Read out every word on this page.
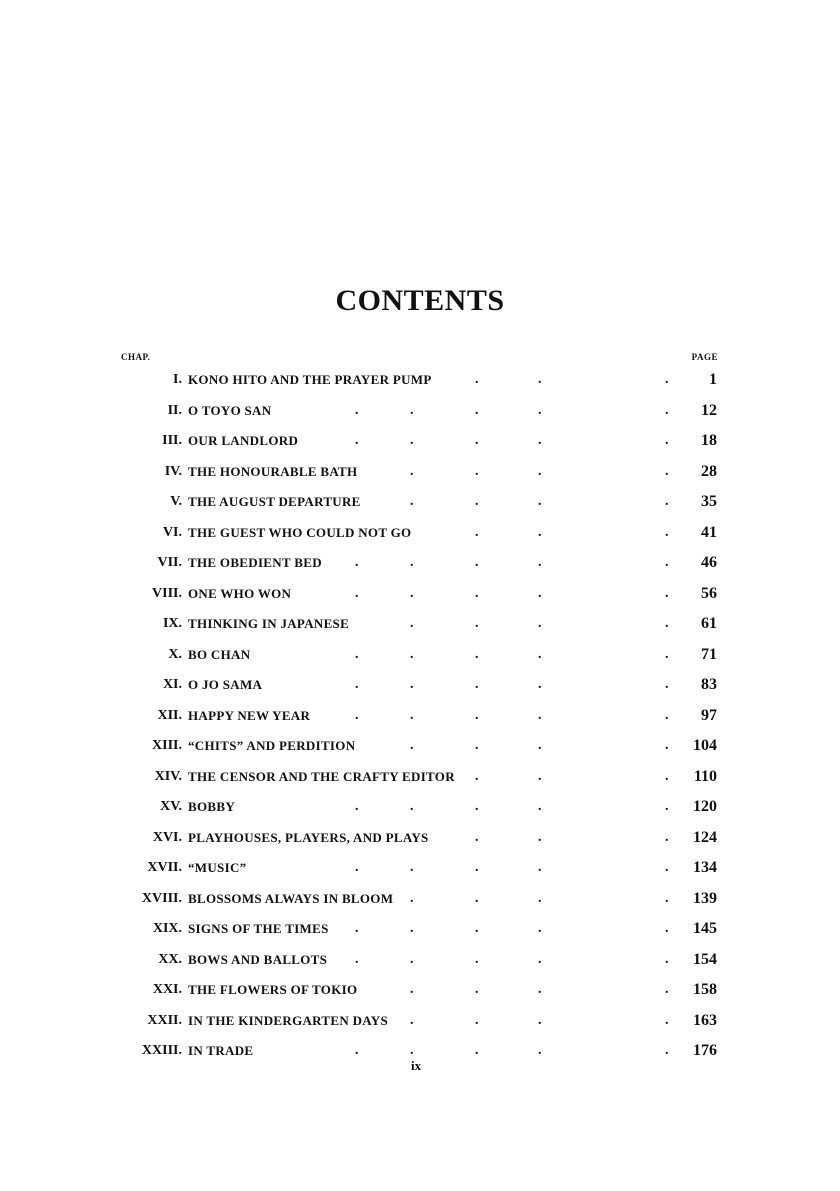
CONTENTS
CHAP.	PAGE
I. KONO HITO AND THE PRAYER PUMP	1
.	.	.
II. O TOYO SAN	12
.	.	.	.	.
III. OUR LANDLORD	18
.	.	.	.	.
IV. THE HONOURABLE BATH	28
.	.	.	.
V. THE AUGUST DEPARTURE	35
.	.	.	.
VI. THE GUEST WHO COULD NOT GO	41
.	.	.
VII. THE OBEDIENT BED	46
.	.	.	.	.
VIII. ONE WHO WON	56
.	.	.	.	.
IX. THINKING IN JAPANESE	61
.	.	.	.
X. BO CHAN	71
.	.	.	.	.
XI. O JO SAMA	83
.	.	.	.	.
XII. HAPPY NEW YEAR	97
.	.	.	.	.
XIII. “CHITS” AND PERDITION	104
.	.	.	.
XIV. THE CENSOR AND THE CRAFTY EDITOR	110
.	.	.
XV. BOBBY	120
.	.	.	.	.
XVI. PLAYHOUSES, PLAYERS, AND PLAYS	124
.	.	.
XVII. “MUSIC”	134
.	.	.	.	.
XVIII. BLOSSOMS ALWAYS IN BLOOM	139
.	.	.	.
XIX. SIGNS OF THE TIMES	145
.	.	.	.	.
XX. BOWS AND BALLOTS	154
.	.	.	.	.
XXI. THE FLOWERS OF TOKIO	158
.	.	.	.
XXII. IN THE KINDERGARTEN DAYS	163
.	.	.	.
XXIII. IN TRADE	176
.	.	.	.	.
ix
